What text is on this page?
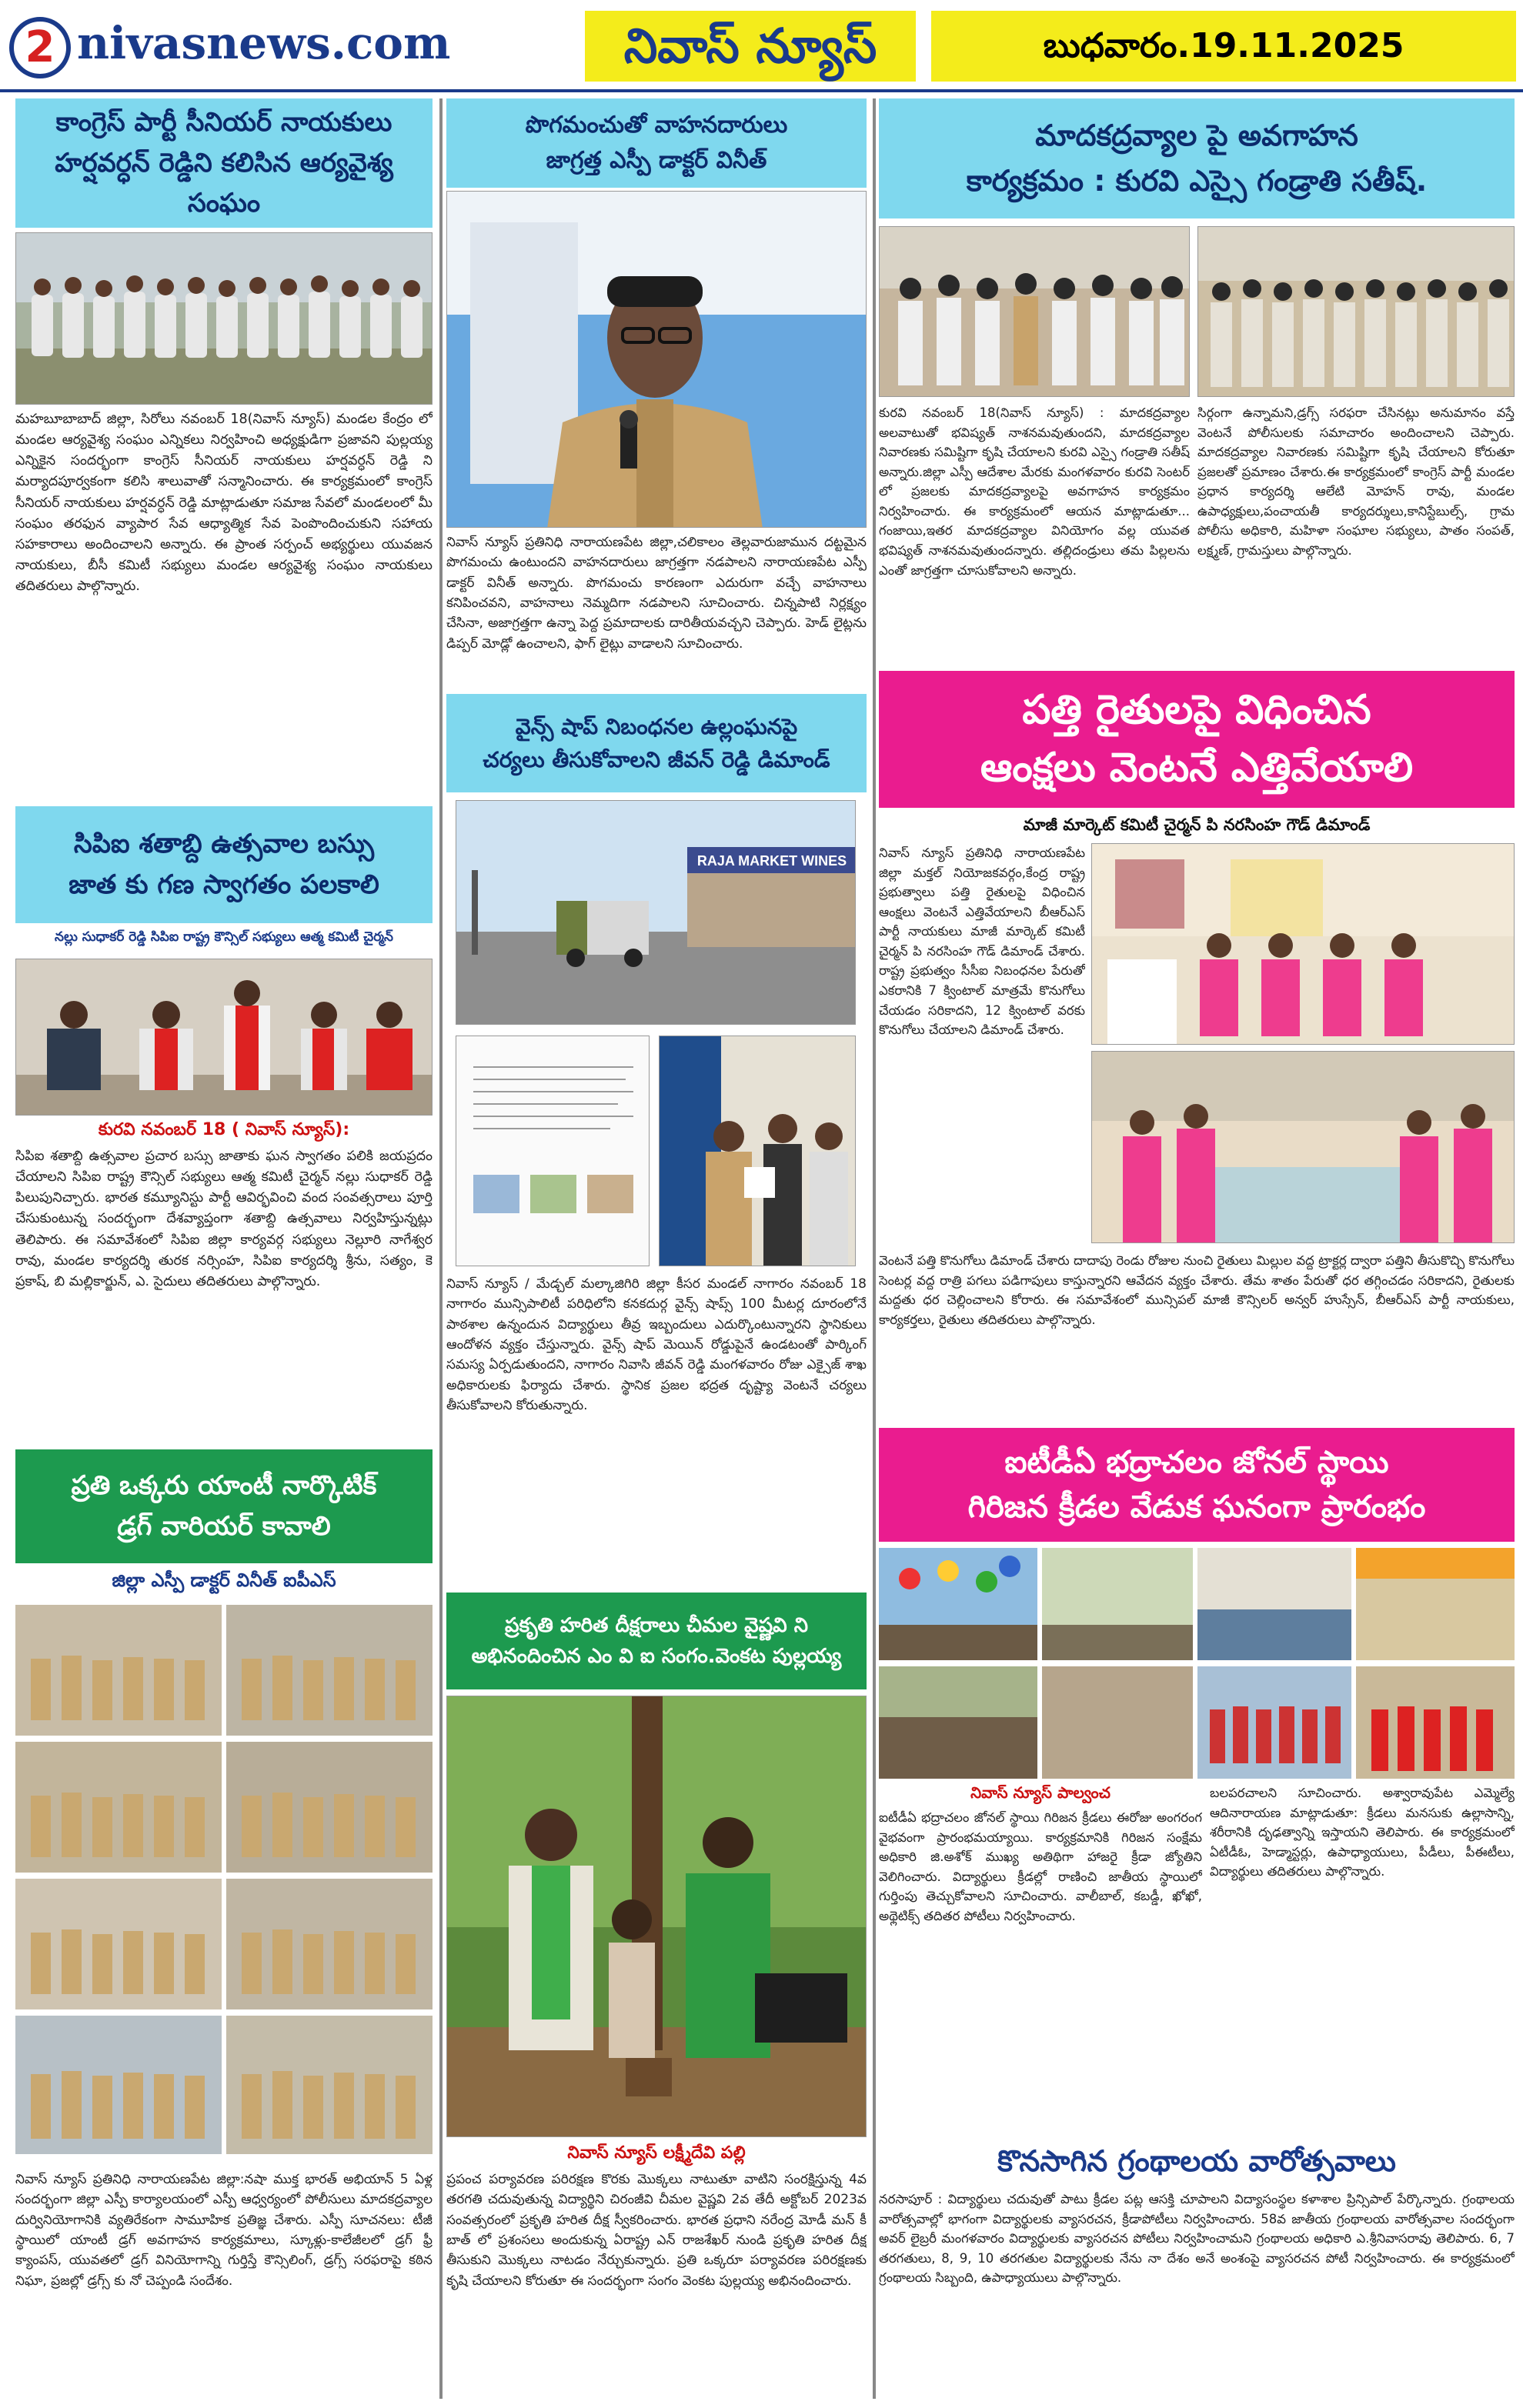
2 nivasnews.com	నివాస్ న్యూస్	బుధవారం.19.11.2025
కాంగ్రెస్ పార్టీ సీనియర్ నాయకులు
హర్షవర్ధన్ రెడ్డిని కలిసిన ఆర్యవైశ్య సంఘం
మహబూబాబాద్ జిల్లా, సిరోలు నవంబర్ 18(నివాస్ న్యూస్) మండల కేంద్రం లో మండల ఆర్యవైశ్య సంఘం ఎన్నికలు నిర్వహించి అధ్యక్షుడిగా ప్రజావని పుల్లయ్య ఎన్నికైన సందర్భంగా కాంగ్రెస్ సీనియర్ నాయకులు హర్షవర్ధన్ రెడ్డి ని మర్యాదపూర్వకంగా కలిసి శాలువాతో సన్మానించారు. ఈ కార్యక్రమంలో కాంగ్రెస్ సీనియర్ నాయకులు హర్షవర్ధన్ రెడ్డి మాట్లాడుతూ సమాజ సేవలో మండలంలో మీ సంఘం తరఫున వ్యాపార సేవ ఆధ్యాత్మిక సేవ పెంపొందించుకుని సహాయ సహకారాలు అందించాలని అన్నారు. ఈ ప్రాంత సర్పంచ్ అభ్యర్థులు యువజన నాయకులు, బీసీ కమిటీ సభ్యులు మండల ఆర్యవైశ్య సంఘం నాయకులు తదితరులు పాల్గొన్నారు.
సిపిఐ శతాబ్ది ఉత్సవాల బస్సు
జాత కు గణ స్వాగతం పలకాలి
నల్లు సుధాకర్ రెడ్డి సిపిఐ రాష్ట్ర కౌన్సిల్ సభ్యులు ఆత్మ కమిటీ చైర్మన్
కురవి నవంబర్ 18 ( నివాస్ న్యూస్):
సిపిఐ శతాబ్ది ఉత్సవాల ప్రచార బస్సు జాతాకు ఘన స్వాగతం పలికి జయప్రదం చేయాలని సిపిఐ రాష్ట్ర కౌన్సిల్ సభ్యులు ఆత్మ కమిటీ చైర్మన్ నల్లు సుధాకర్ రెడ్డి పిలుపునిచ్చారు. భారత కమ్యూనిస్టు పార్టీ ఆవిర్భవించి వంద సంవత్సరాలు పూర్తి చేసుకుంటున్న సందర్భంగా దేశవ్యాప్తంగా శతాబ్ది ఉత్సవాలు నిర్వహిస్తున్నట్లు తెలిపారు. ఈ సమావేశంలో సిపిఐ జిల్లా కార్యవర్గ సభ్యులు నెల్లూరి నాగేశ్వర రావు, మండల కార్యదర్శి తురక నర్సింహ, సిపిఐ కార్యదర్శి శ్రీను, సత్యం, కె ప్రకాష్, బి మల్లికార్జున్, ఎ. సైదులు తదితరులు పాల్గొన్నారు.
ప్రతి ఒక్కరు యాంటీ నార్కొటిక్
డ్రగ్ వారియర్ కావాలి
జిల్లా ఎస్పీ డాక్టర్ వినీత్ ఐపీఎస్
నివాస్ న్యూస్ ప్రతినిధి నారాయణపేట జిల్లా:నషా ముక్త భారత్ అభియాన్ 5 ఏళ్ల సందర్భంగా జిల్లా ఎస్పీ కార్యాలయంలో ఎస్పీ ఆధ్వర్యంలో పోలీసులు మాదకద్రవ్యాల దుర్వినియోగానికి వ్యతిరేకంగా సామూహిక ప్రతిజ్ఞ చేశారు. ఎస్పీ సూచనలు: టీజీ స్థాయిలో యాంటీ డ్రగ్ అవగాహన కార్యక్రమాలు, స్కూళ్లు-కాలేజీలలో డ్రగ్ ఫ్రీ క్యాంపస్, యువతలో డ్రగ్ వినియోగాన్ని గుర్తిస్తే కౌన్సిలింగ్, డ్రగ్స్ సరఫరాపై కఠిన నిఘా, ప్రజల్లో డ్రగ్స్ కు నో చెప్పండి సందేశం.
పొగమంచుతో వాహనదారులు
జాగ్రత్త ఎస్పీ డాక్టర్ వినీత్
నివాస్ న్యూస్ ప్రతినిధి నారాయణపేట జిల్లా,చలికాలం తెల్లవారుజామున దట్టమైన పొగమంచు ఉంటుందని వాహనదారులు జాగ్రత్తగా నడపాలని నారాయణపేట ఎస్పీ డాక్టర్ వినీత్ అన్నారు. పొగమంచు కారణంగా ఎదురుగా వచ్చే వాహనాలు కనిపించవని, వాహనాలు నెమ్మదిగా నడపాలని సూచించారు. చిన్నపాటి నిర్లక్ష్యం చేసినా, అజాగ్రత్తగా ఉన్నా పెద్ద ప్రమాదాలకు దారితీయవచ్చని చెప్పారు. హెడ్ లైట్లను డిప్పర్ మోడ్లో ఉంచాలని, ఫాగ్ లైట్లు వాడాలని సూచించారు.
వైన్స్ షాప్ నిబంధనల ఉల్లంఘనపై
చర్యలు తీసుకోవాలని జీవన్ రెడ్డి డిమాండ్
RAJA MARKET WINES
నివాస్ న్యూస్ / మేడ్చల్ మల్కాజిగిరి జిల్లా కీసర మండల్ నాగారం నవంబర్ 18 నాగారం మున్సిపాలిటీ పరిధిలోని కనకదుర్గ వైన్స్ షాప్స్ 100 మీటర్ల దూరంలోనే పాఠశాల ఉన్నందున విద్యార్థులు తీవ్ర ఇబ్బందులు ఎదుర్కొంటున్నారని స్థానికులు ఆందోళన వ్యక్తం చేస్తున్నారు. వైన్స్ షాప్ మెయిన్ రోడ్డుపైనే ఉండటంతో పార్కింగ్ సమస్య ఏర్పడుతుందని, నాగారం నివాసి జీవన్ రెడ్డి మంగళవారం రోజు ఎక్సైజ్ శాఖ అధికారులకు ఫిర్యాదు చేశారు. స్థానిక ప్రజల భద్రత దృష్ట్యా వెంటనే చర్యలు తీసుకోవాలని కోరుతున్నారు.
ప్రకృతి హరిత దీక్షరాలు చీమల వైష్ణవి ని
అభినందించిన ఎం వి ఐ సంగం.వెంకట పుల్లయ్య
నివాస్ న్యూస్ లక్ష్మీదేవి పల్లి
ప్రపంచ పర్యావరణ పరిరక్షణ కొరకు మొక్కలు నాటుతూ వాటిని సంరక్షిస్తున్న 4వ తరగతి చదువుతున్న విద్యార్థిని చిరంజీవి చీమల వైష్ణవి 2వ తేదీ అక్టోబర్ 2023వ సంవత్సరంలో ప్రకృతి హరిత దీక్ష స్వీకరించారు. భారత ప్రధాని నరేంద్ర మోడీ మన్ కీ బాత్ లో ప్రశంసలు అందుకున్న ఏరాష్ట్ర ఎన్ రాజశేఖర్ నుండి ప్రకృతి హరిత దీక్ష తీసుకుని మొక్కలు నాటడం నేర్చుకున్నారు. ప్రతి ఒక్కరూ పర్యావరణ పరిరక్షణకు కృషి చేయాలని కోరుతూ ఈ సందర్భంగా సంగం వెంకట పుల్లయ్య అభినందించారు.
మాదకద్రవ్యాల పై అవగాహన
కార్యక్రమం : కురవి ఎస్సై గండ్రాతి సతీష్.
కురవి నవంబర్ 18(నివాస్ న్యూస్) : మాదకద్రవ్యాల అలవాటుతో భవిష్యత్ నాశనమవుతుందని, మాదకద్రవ్యాల నివారణకు సమిష్టిగా కృషి చేయాలని కురవి ఎస్సై గండ్రాతి సతీష్ అన్నారు.జిల్లా ఎస్పీ ఆదేశాల మేరకు మంగళవారం కురవి సెంటర్ లో ప్రజలకు మాదకద్రవ్యాలపై అవగాహన కార్యక్రమం నిర్వహించారు. ఈ కార్యక్రమంలో ఆయన మాట్లాడుతూ... గంజాయి,ఇతర మాదకద్రవ్యాల వినియోగం వల్ల యువత భవిష్యత్ నాశనమవుతుందన్నారు. తల్లిదండ్రులు తమ పిల్లలను ఎంతో జాగ్రత్తగా చూసుకోవాలని అన్నారు.
సిర్గంగా ఉన్నామని,డ్రగ్స్ సరఫరా చేసినట్లు అనుమానం వస్తే వెంటనే పోలీసులకు సమాచారం అందించాలని చెప్పారు. మాదకద్రవ్యాల నివారణకు సమిష్టిగా కృషి చేయాలని కోరుతూ ప్రజలతో ప్రమాణం చేశారు.ఈ కార్యక్రమంలో కాంగ్రెస్ పార్టీ మండల ప్రధాన కార్యదర్శి ఆలేటి మోహన్ రావు, మండల ఉపాధ్యక్షులు,పంచాయతీ కార్యదర్శులు,కానిస్టేబుల్స్, గ్రామ పోలీసు అధికారి, మహిళా సంఘాల సభ్యులు, పాతం సంపత్, లక్ష్మణ్, గ్రామస్తులు పాల్గొన్నారు.
పత్తి రైతులపై విధించిన
ఆంక్షలు వెంటనే ఎత్తివేయాలి
మాజీ మార్కెట్ కమిటీ చైర్మన్ పి నరసింహ గౌడ్ డిమాండ్
నివాస్ న్యూస్ ప్రతినిధి నారాయణపేట జిల్లా మక్తల్ నియోజకవర్గం,కేంద్ర రాష్ట్ర ప్రభుత్వాలు పత్తి రైతులపై విధించిన ఆంక్షలు వెంటనే ఎత్తివేయాలని బీఆర్ఎస్ పార్టీ నాయకులు మాజీ మార్కెట్ కమిటీ చైర్మన్ పి నరసింహ గౌడ్ డిమాండ్ చేశారు. రాష్ట్ర ప్రభుత్వం సీసీఐ నిబంధనల పేరుతో ఎకరానికి 7 క్వింటాల్ మాత్రమే కొనుగోలు చేయడం సరికాదని, 12 క్వింటాల్ వరకు కొనుగోలు చేయాలని డిమాండ్ చేశారు.
వెంటనే పత్తి కొనుగోలు డిమాండ్ చేశారు దాదాపు రెండు రోజుల నుంచి రైతులు మిల్లుల వద్ద ట్రాక్టర్ల ద్వారా పత్తిని తీసుకొచ్చి కొనుగోలు సెంటర్ల వద్ద రాత్రి పగలు పడిగాపులు కాస్తున్నారని ఆవేదన వ్యక్తం చేశారు. తేమ శాతం పేరుతో ధర తగ్గించడం సరికాదని, రైతులకు మద్దతు ధర చెల్లించాలని కోరారు. ఈ సమావేశంలో మున్సిపల్ మాజీ కౌన్సిలర్ అన్వర్ హుస్సేన్, బీఆర్ఎస్ పార్టీ నాయకులు, కార్యకర్తలు, రైతులు తదితరులు పాల్గొన్నారు.
ఐటీడీఏ భద్రాచలం జోనల్ స్థాయి
గిరిజన క్రీడల వేడుక ఘనంగా ప్రారంభం
నివాస్ న్యూస్ పాల్వంచ
ఐటీడీఏ భద్రాచలం జోనల్ స్థాయి గిరిజన క్రీడలు ఈరోజు అంగరంగ వైభవంగా ప్రారంభమయ్యాయి. కార్యక్రమానికి గిరిజన సంక్షేమ అధికారి జి.అశోక్ ముఖ్య అతిథిగా హాజరై క్రీడా జ్యోతిని వెలిగించారు. విద్యార్థులు క్రీడల్లో రాణించి జాతీయ స్థాయిలో గుర్తింపు తెచ్చుకోవాలని సూచించారు. వాలీబాల్, కబడ్డీ, ఖోఖో, అథ్లెటిక్స్ తదితర పోటీలు నిర్వహించారు.
బలపరచాలని సూచించారు. అశ్వారావుపేట ఎమ్మెల్యే ఆదినారాయణ మాట్లాడుతూ: క్రీడలు మనసుకు ఉల్లాసాన్ని, శరీరానికి దృఢత్వాన్ని ఇస్తాయని తెలిపారు. ఈ కార్యక్రమంలో ఏటీడీఓ, హెడ్మాస్టర్లు, ఉపాధ్యాయులు, పీడీలు, పీఈటీలు, విద్యార్థులు తదితరులు పాల్గొన్నారు.
కొనసాగిన గ్రంథాలయ వారోత్సవాలు
నరసాపూర్ : విద్యార్థులు చదువుతో పాటు క్రీడల పట్ల ఆసక్తి చూపాలని విద్యాసంస్థల కళాశాల ప్రిన్సిపాల్ పేర్కొన్నారు. గ్రంథాలయ వారోత్సవాల్లో భాగంగా విద్యార్థులకు వ్యాసరచన, క్రీడాపోటీలు నిర్వహించారు. 58వ జాతీయ గ్రంథాలయ వారోత్సవాల సందర్భంగా అవర్ లైబ్రరీ మంగళవారం విద్యార్థులకు వ్యాసరచన పోటీలు నిర్వహించామని గ్రంథాలయ అధికారి ఎ.శ్రీనివాసరావు తెలిపారు. 6, 7 తరగతులు, 8, 9, 10 తరగతుల విద్యార్థులకు నేను నా దేశం అనే అంశంపై వ్యాసరచన పోటీ నిర్వహించారు. ఈ కార్యక్రమంలో గ్రంథాలయ సిబ్బంది, ఉపాధ్యాయులు పాల్గొన్నారు.
